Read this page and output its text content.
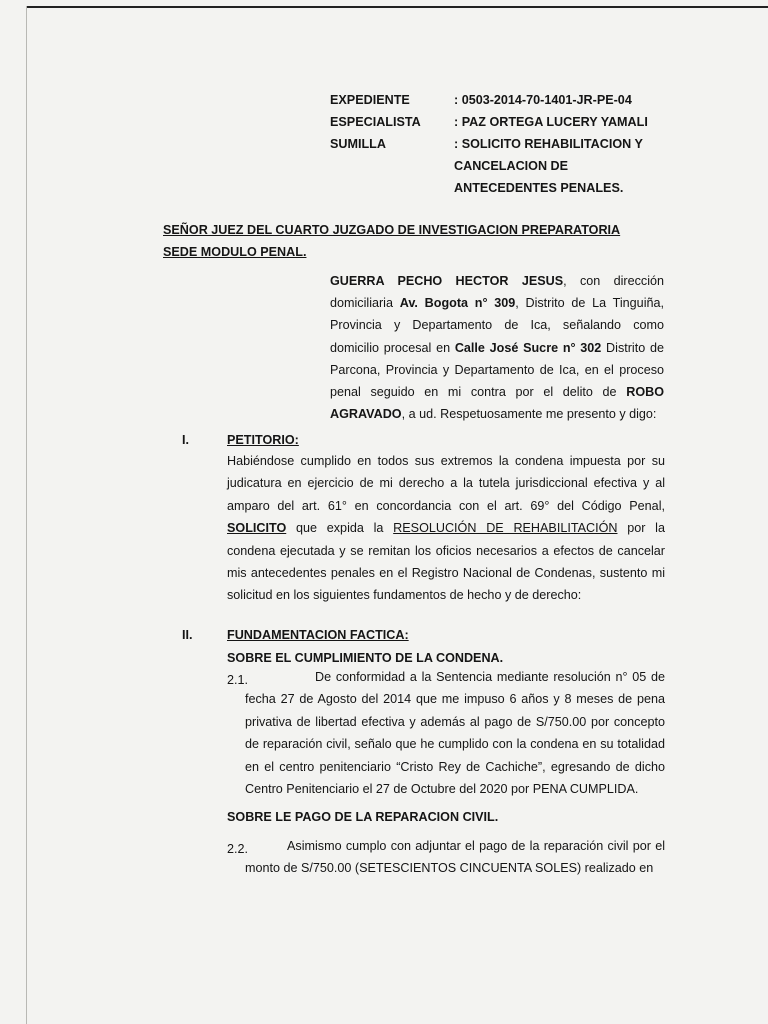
EXPEDIENTE	: 0503-2014-70-1401-JR-PE-04
ESPECIALISTA	: PAZ ORTEGA LUCERY YAMALI
SUMILLA	: SOLICITO REHABILITACION Y
CANCELACION DE
ANTECEDENTES PENALES.
SEÑOR JUEZ DEL CUARTO JUZGADO DE INVESTIGACION PREPARATORIA
SEDE MODULO PENAL.
GUERRA PECHO HECTOR JESUS, con dirección domiciliaria Av. Bogota n° 309, Distrito de La Tinguiña, Provincia y Departamento de Ica, señalando como domicilio procesal en Calle José Sucre n° 302 Distrito de Parcona, Provincia y Departamento de Ica, en el proceso penal seguido en mi contra por el delito de ROBO AGRAVADO, a ud. Respetuosamente me presento y digo:
I.	PETITORIO:
Habiéndose cumplido en todos sus extremos la condena impuesta por su judicatura en ejercicio de mi derecho a la tutela jurisdiccional efectiva y al amparo del art. 61° en concordancia con el art. 69° del Código Penal, SOLICITO que expida la RESOLUCIÓN DE REHABILITACIÓN por la condena ejecutada y se remitan los oficios necesarios a efectos de cancelar mis antecedentes penales en el Registro Nacional de Condenas, sustento mi solicitud en los siguientes fundamentos de hecho y de derecho:
II.	FUNDAMENTACION FACTICA:
SOBRE EL CUMPLIMIENTO DE LA CONDENA.
2.1.	De conformidad a la Sentencia mediante resolución n° 05 de fecha 27 de Agosto del 2014 que me impuso 6 años y 8 meses de pena privativa de libertad efectiva y además al pago de S/750.00 por concepto de reparación civil, señalo que he cumplido con la condena en su totalidad en el centro penitenciario “Cristo Rey de Cachiche”, egresando de dicho Centro Penitenciario el 27 de Octubre del 2020 por PENA CUMPLIDA.
SOBRE LE PAGO DE LA REPARACION CIVIL.
2.2.	Asimismo cumplo con adjuntar el pago de la reparación civil por el monto de S/750.00 (SETESCIENTOS CINCUENTA SOLES) realizado en
